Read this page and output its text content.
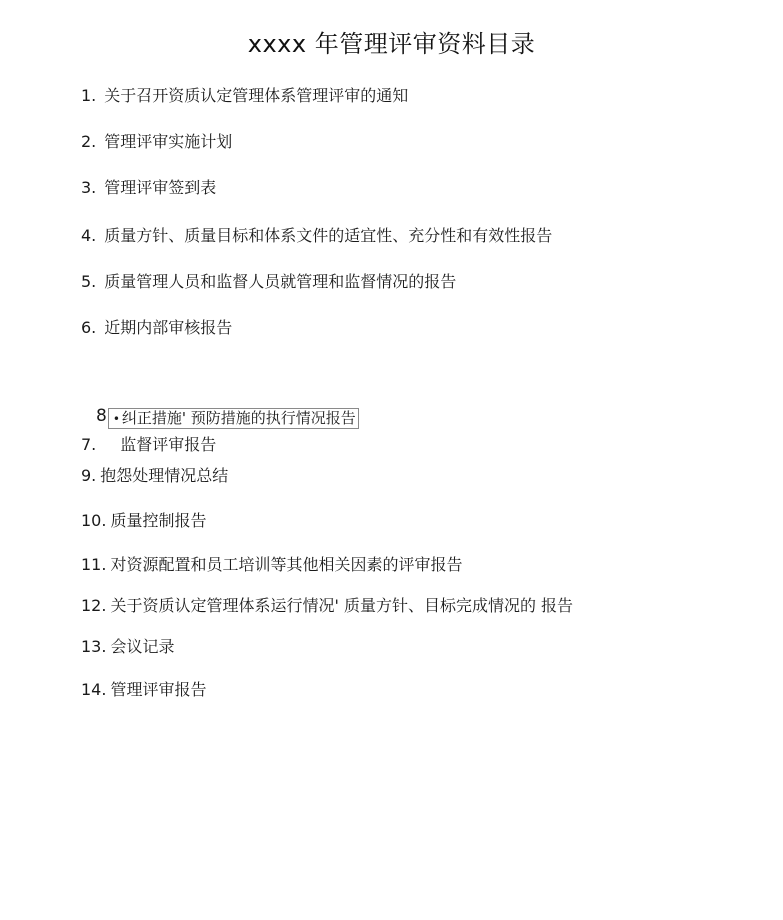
xxxx 年管理评审资料目录
1. 关于召开资质认定管理体系管理评审的通知
2. 管理评审实施计划
3. 管理评审签到表
4. 质量方针、质量目标和体系文件的适宜性、充分性和有效性报告
5. 质量管理人员和监督人员就管理和监督情况的报告
6. 近期内部审核报告
8 • 纠正措施' 预防措施的执行情况报告
7. 监督评审报告
9. 抱怨处理情况总结
10. 质量控制报告
11. 对资源配置和员工培训等其他相关因素的评审报告
12. 关于资质认定管理体系运行情况' 质量方针、目标完成情况的 报告
13. 会议记录
14. 管理评审报告
